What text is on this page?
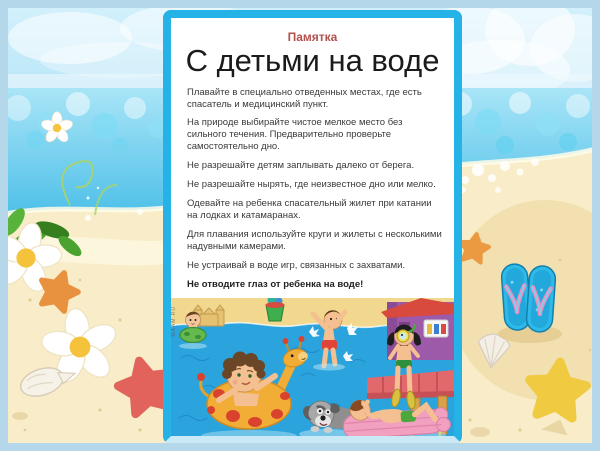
Памятка

С детьми на воде

Плавайте в специально отведенных местах, где есть спасатель и медицинский пункт.

На природе выбирайте чистое мелкое место без сильного течения. Предварительно проверьте самостоятельно дно.

Не разрешайте детям заплывать далеко от берега.

Не разрешайте нырять, где неизвестное дно или мелко.

Одевайте на ребенка спасательный жилет при катании на лодках и катамаранах.

Для плавания используйте круги и жилеты с несколькими надувными камерами.

Не устраивай в воде игр, связанных с захватами.

Не отводите глаз от ребенка на воде!

МААМ.RU
